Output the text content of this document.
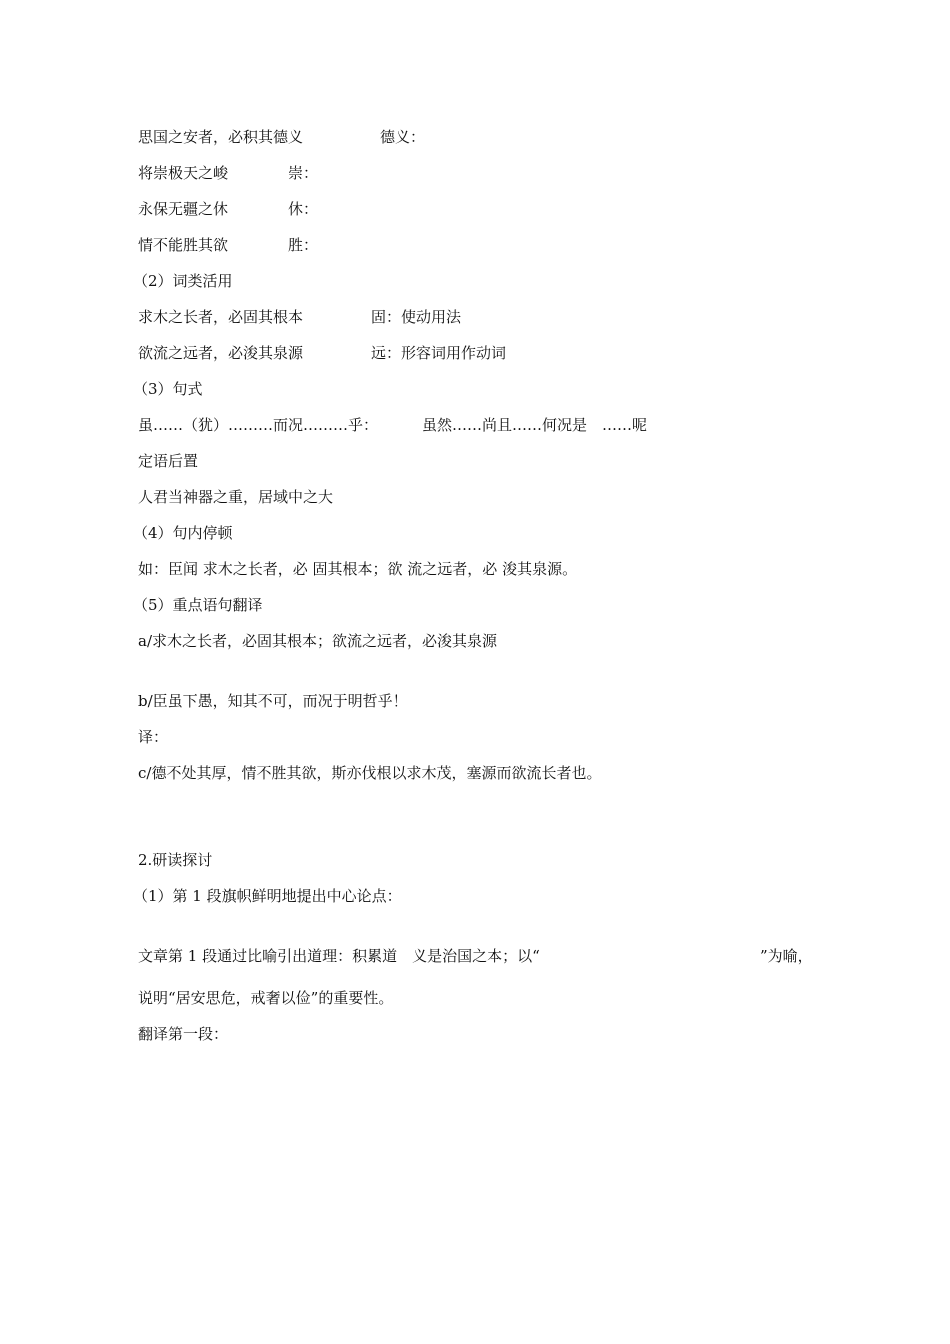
思国之安者，必积其德义	德义：
将崇极天之峻	崇：
永保无疆之休	休：
情不能胜其欲	胜：
（2）词类活用
求木之长者，必固其根本	固：使动用法
欲流之远者，必浚其泉源	远：形容词用作动词
（3）句式
虽……（犹）………而况………乎：	虽然……尚且……何况是　……呢
定语后置
人君当神器之重，居域中之大
（4）句内停顿
如：臣闻 求木之长者，必 固其根本；欲 流之远者，必 浚其泉源。
（5）重点语句翻译
a/求木之长者，必固其根本；欲流之远者，必浚其泉源
b/臣虽下愚，知其不可，而况于明哲乎！
译：
c/德不处其厚，情不胜其欲，斯亦伐根以求木茂，塞源而欲流长者也。
2.研读探讨
（1）第 1 段旗帜鲜明地提出中心论点：
文章第 1 段通过比喻引出道理：积累道　义是治国之本；以“	”为喻，
说明“居安思危，戒奢以俭”的重要性。
翻译第一段：
